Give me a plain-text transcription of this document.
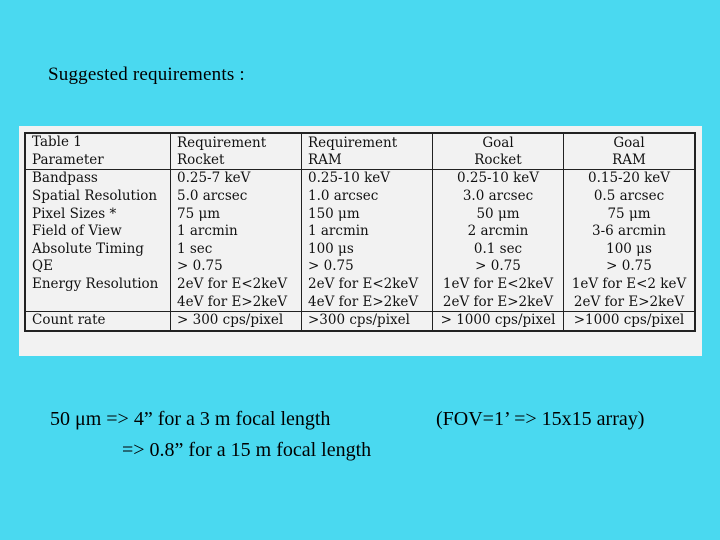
Suggested requirements :
Table 1	Requirement	Requirement	Goal	Goal
Parameter	Rocket	RAM	Rocket	RAM
Bandpass	0.25-7 keV	0.25-10 keV	0.25-10 keV	0.15-20 keV
Spatial Resolution	5.0 arcsec	1.0 arcsec	3.0 arcsec	0.5 arcsec
Pixel Sizes *	75 μm	150 μm	50 μm	75 μm
Field of View	1 arcmin	1 arcmin	2 arcmin	3-6 arcmin
Absolute Timing	1 sec	100 μs	0.1 sec	100 μs
QE	> 0.75	> 0.75	> 0.75	> 0.75
Energy Resolution	2eV for E<2keV	2eV for E<2keV	1eV for E<2keV	1eV for E<2 keV
	4eV for E>2keV	4eV for E>2keV	2eV for E>2keV	2eV for E>2keV
Count rate	> 300 cps/pixel	>300 cps/pixel	> 1000 cps/pixel	>1000 cps/pixel
50 μm => 4” for a 3 m focal length	(FOV=1’ => 15x15 array)
=> 0.8” for a 15 m focal length
